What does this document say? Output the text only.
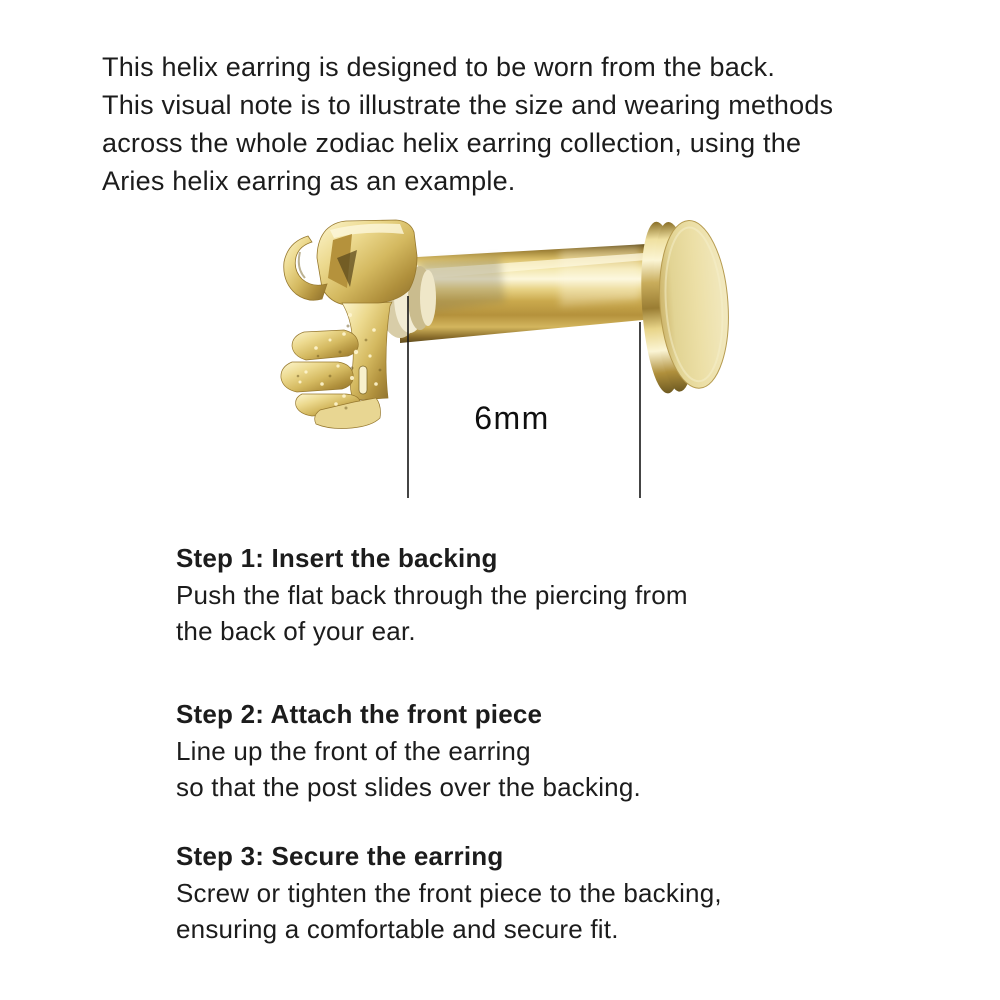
This helix earring is designed to be worn from the back.
This visual note is to illustrate the size and wearing methods
across the whole zodiac helix earring collection, using the
Aries helix earring as an example.

6mm
Step 1: Insert the backing

Push the flat back through the piercing from
the back of your ear.

Step 2: Attach the front piece

Line up the front of the earring
so that the post slides over the backing.

Step 3: Secure the earring

Screw or tighten the front piece to the backing,
ensuring a comfortable and secure fit.
